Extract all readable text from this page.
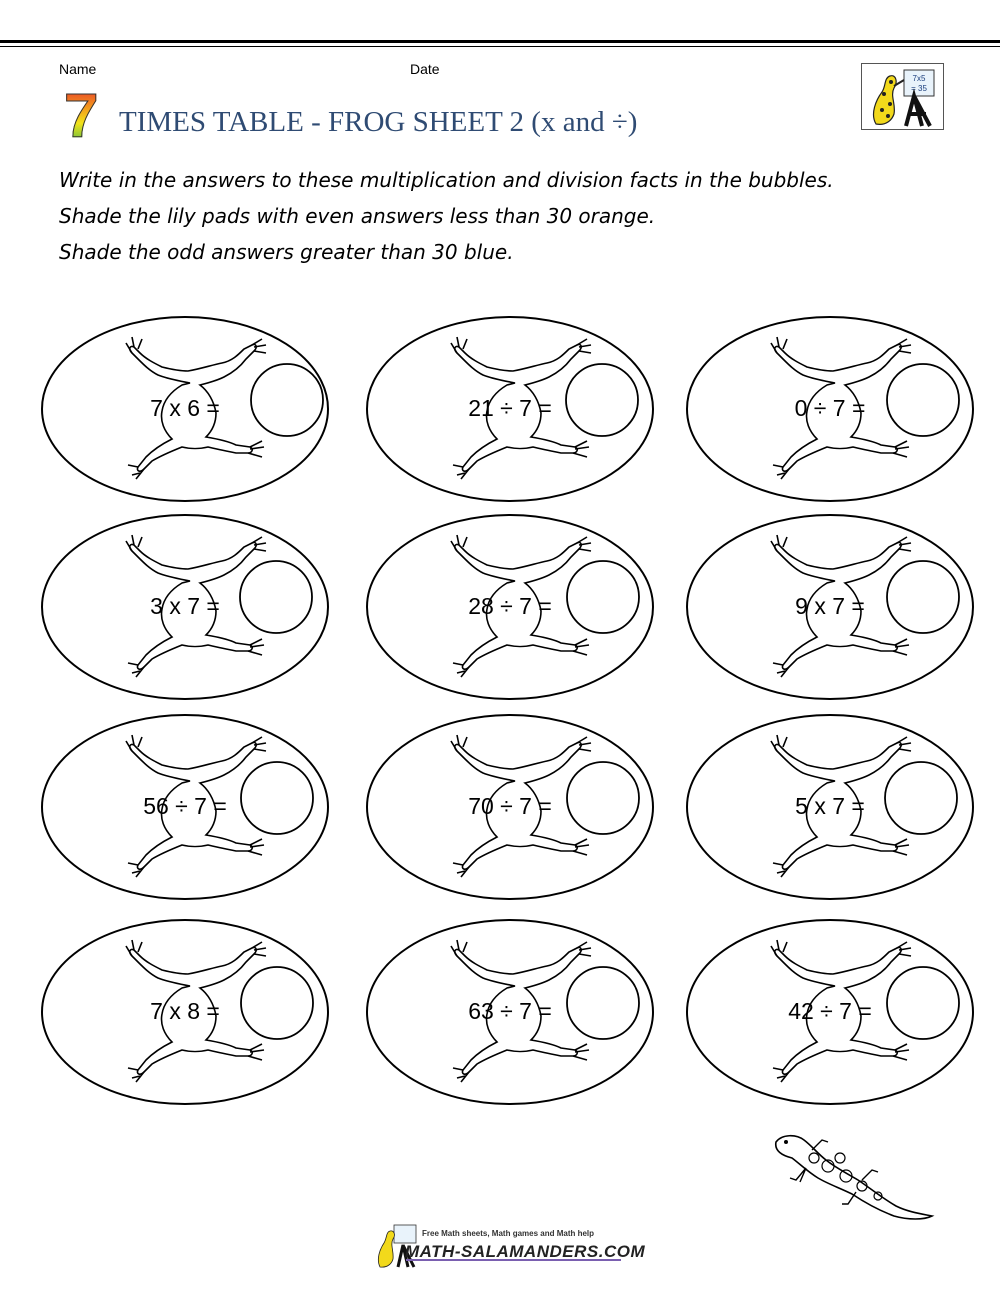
Name	Date
7x5
= 35
7 TIMES TABLE - FROG SHEET 2 (x and ÷)
Write in the answers to these multiplication and division facts in the bubbles.
Shade the lily pads with even answers less than 30 orange.
Shade the odd answers greater than 30 blue.
7 x 6 =	21 ÷ 7 =	0 ÷ 7 =
3 x 7 =	28 ÷ 7 =	9 x 7 =
56 ÷ 7 =	70 ÷ 7 =	5 x 7 =
7 x 8 =	63 ÷ 7 =	42 ÷ 7 =
Free Math sheets, Math games and Math help
MATH-SALAMANDERS.COM
